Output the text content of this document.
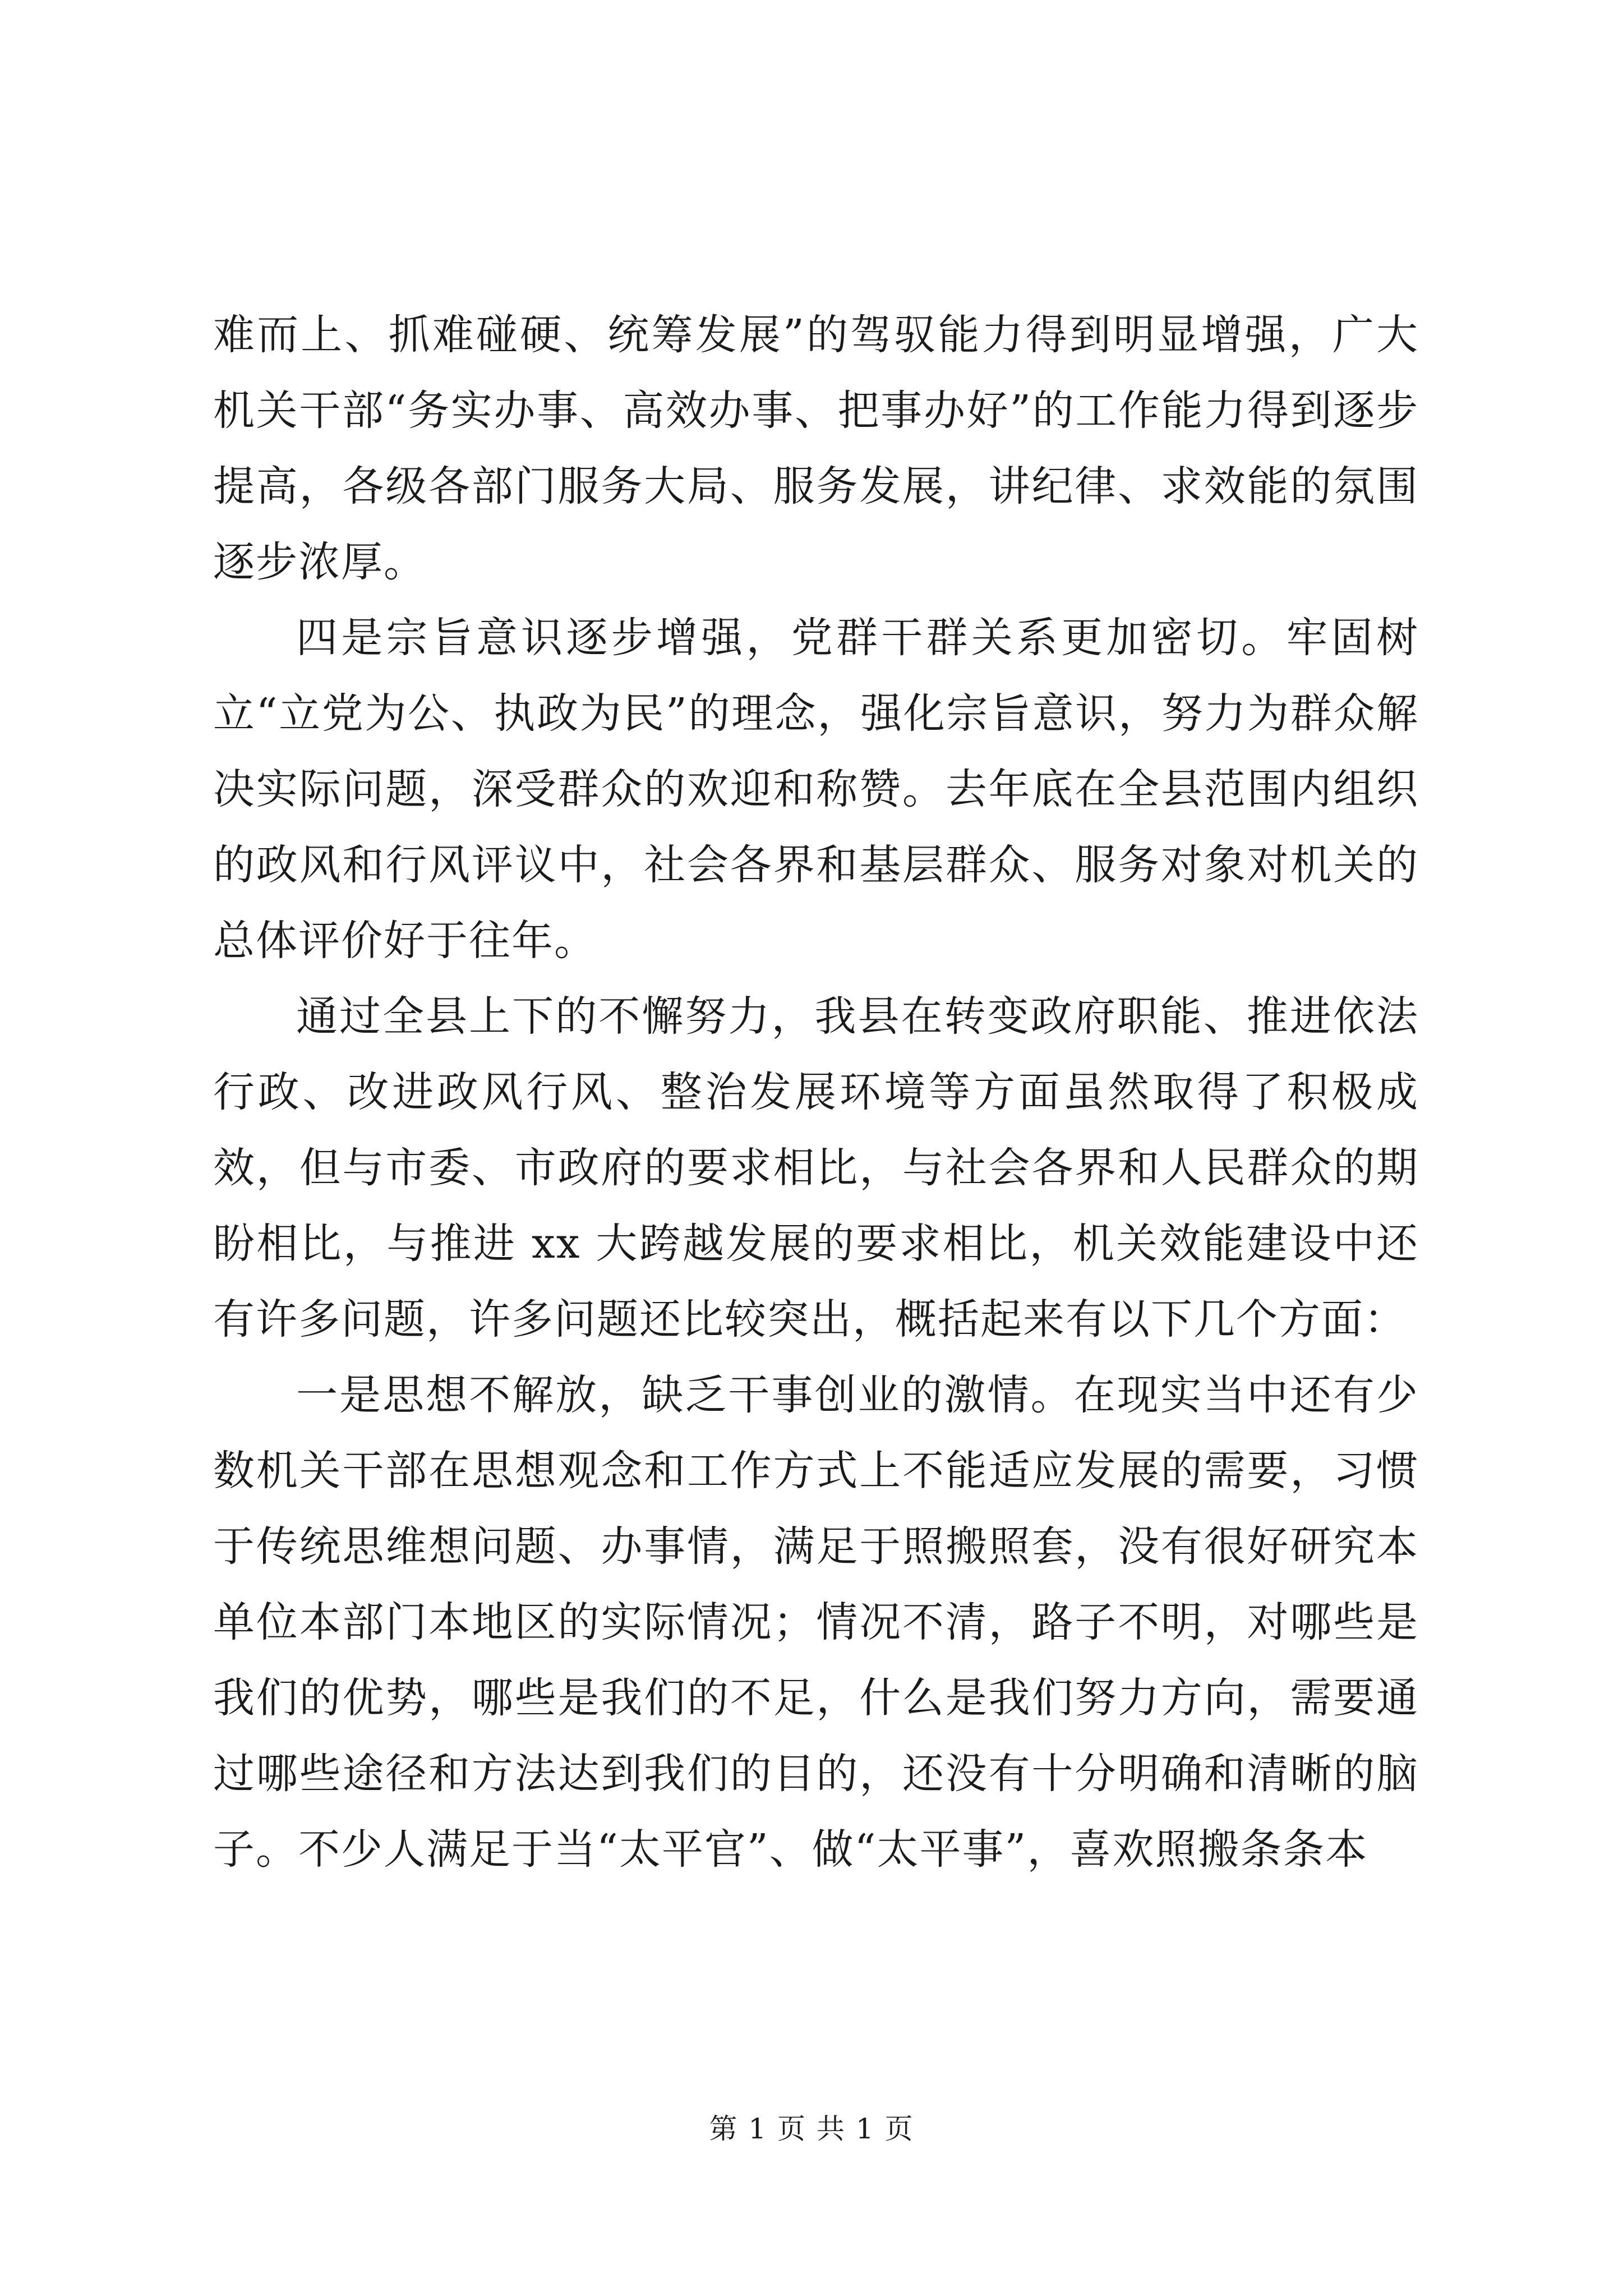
难而上、抓难碰硬、统筹发展”的驾驭能力得到明显增强，广大机关干部“务实办事、高效办事、把事办好”的工作能力得到逐步提高，各级各部门服务大局、服务发展，讲纪律、求效能的氛围逐步浓厚。

四是宗旨意识逐步增强，党群干群关系更加密切。牢固树立“立党为公、执政为民”的理念，强化宗旨意识，努力为群众解决实际问题，深受群众的欢迎和称赞。去年底在全县范围内组织的政风和行风评议中，社会各界和基层群众、服务对象对机关的总体评价好于往年。

通过全县上下的不懈努力，我县在转变政府职能、推进依法行政、改进政风行风、整治发展环境等方面虽然取得了积极成效，但与市委、市政府的要求相比，与社会各界和人民群众的期盼相比，与推进 xx 大跨越发展的要求相比，机关效能建设中还有许多问题，许多问题还比较突出，概括起来有以下几个方面：

一是思想不解放，缺乏干事创业的激情。在现实当中还有少数机关干部在思想观念和工作方式上不能适应发展的需要，习惯于传统思维想问题、办事情，满足于照搬照套，没有很好研究本单位本部门本地区的实际情况；情况不清，路子不明，对哪些是我们的优势，哪些是我们的不足，什么是我们努力方向，需要通过哪些途径和方法达到我们的目的，还没有十分明确和清晰的脑子。不少人满足于当“太平官”、做“太平事”，喜欢照搬条条本

第 1 页 共 1 页
